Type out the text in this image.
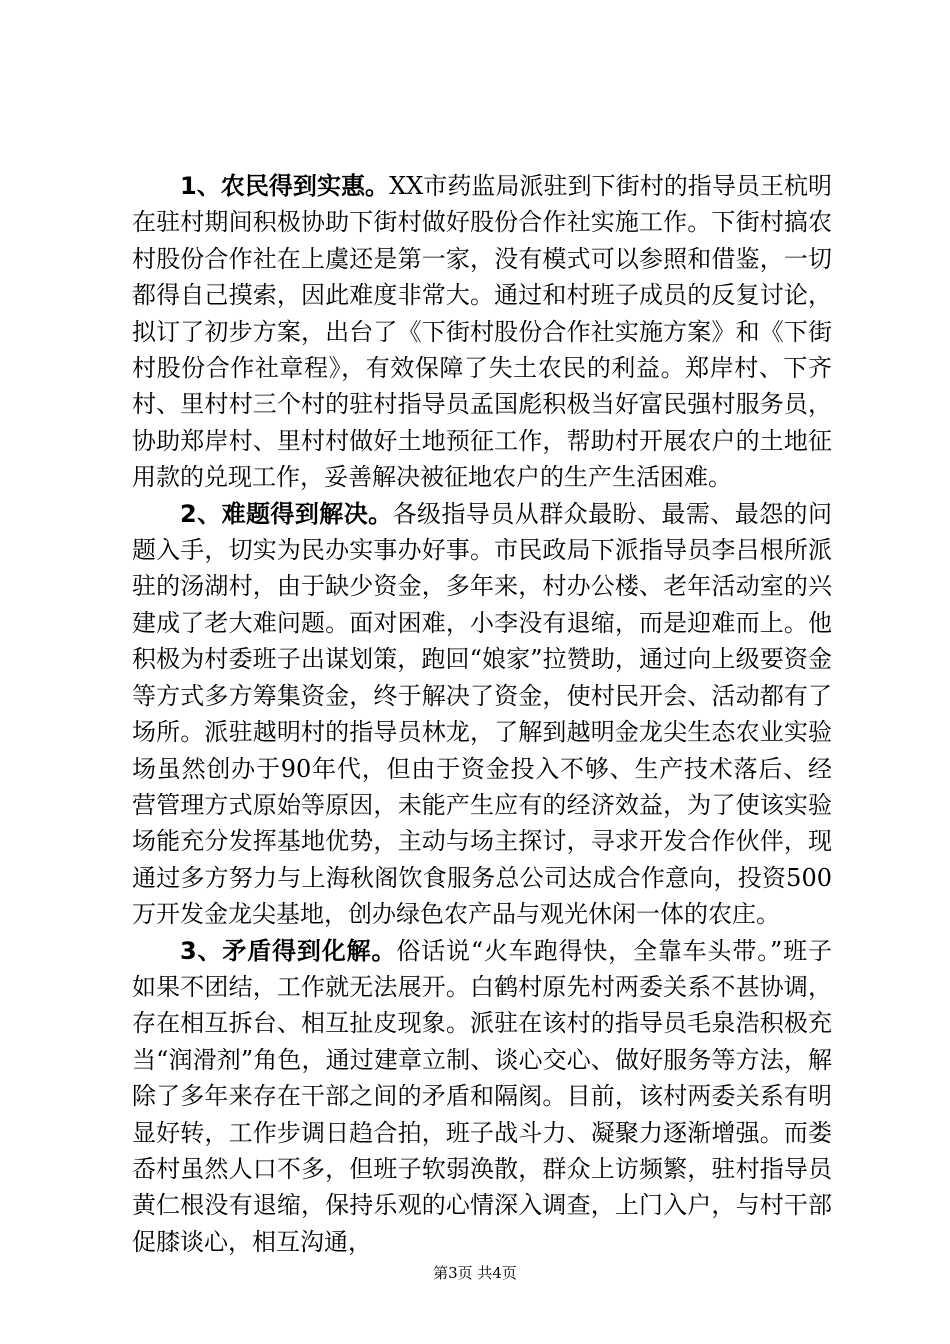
1、农民得到实惠。XX市药监局派驻到下街村的指导员王杭明在驻村期间积极协助下街村做好股份合作社实施工作。下街村搞农村股份合作社在上虞还是第一家，没有模式可以参照和借鉴，一切都得自己摸索，因此难度非常大。通过和村班子成员的反复讨论，拟订了初步方案，出台了《下街村股份合作社实施方案》和《下街村股份合作社章程》，有效保障了失土农民的利益。郑岸村、下齐村、里村村三个村的驻村指导员孟国彪积极当好富民强村服务员，协助郑岸村、里村村做好土地预征工作，帮助村开展农户的土地征用款的兑现工作，妥善解决被征地农户的生产生活困难。

2、难题得到解决。各级指导员从群众最盼、最需、最怨的问题入手，切实为民办实事办好事。市民政局下派指导员李吕根所派驻的汤湖村，由于缺少资金，多年来，村办公楼、老年活动室的兴建成了老大难问题。面对困难，小李没有退缩，而是迎难而上。他积极为村委班子出谋划策，跑回“娘家”拉赞助，通过向上级要资金等方式多方筹集资金，终于解决了资金，使村民开会、活动都有了场所。派驻越明村的指导员林龙，了解到越明金龙尖生态农业实验场虽然创办于90年代，但由于资金投入不够、生产技术落后、经营管理方式原始等原因，未能产生应有的经济效益，为了使该实验场能充分发挥基地优势，主动与场主探讨，寻求开发合作伙伴，现通过多方努力与上海秋阁饮食服务总公司达成合作意向，投资500万开发金龙尖基地，创办绿色农产品与观光休闲一体的农庄。

3、矛盾得到化解。俗话说“火车跑得快，全靠车头带。”班子如果不团结，工作就无法展开。白鹤村原先村两委关系不甚协调，存在相互拆台、相互扯皮现象。派驻在该村的指导员毛泉浩积极充当“润滑剂”角色，通过建章立制、谈心交心、做好服务等方法，解除了多年来存在干部之间的矛盾和隔阂。目前，该村两委关系有明显好转，工作步调日趋合拍，班子战斗力、凝聚力逐渐增强。而娄岙村虽然人口不多，但班子软弱涣散，群众上访频繁，驻村指导员黄仁根没有退缩，保持乐观的心情深入调查，上门入户，与村干部促膝谈心，相互沟通，

第3页 共4页
